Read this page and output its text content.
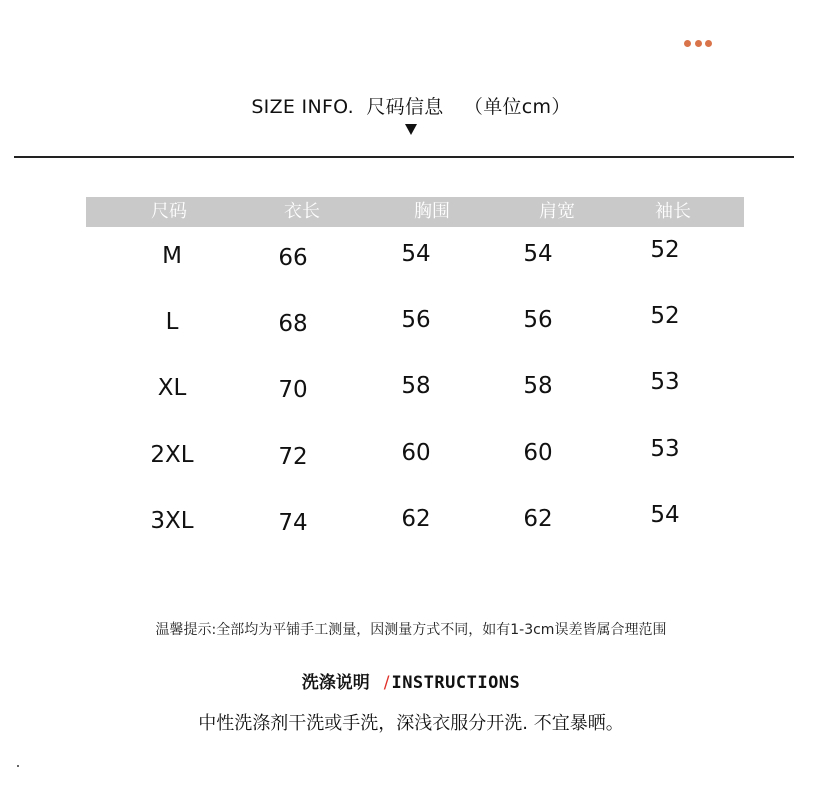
SIZE INFO. 尺码信息 （单位cm）
尺码	衣长	胸围	肩宽	袖长
M	66	54	54	52
L	68	56	56	52
XL	70	58	58	53
2XL	72	60	60	53
3XL	74	62	62	54
温馨提示:全部均为平铺手工测量，因测量方式不同，如有1-3cm误差皆属合理范围
洗涤说明 / INSTRUCTIONS
中性洗涤剂干洗或手洗，深浅衣服分开洗. 不宜暴晒。
